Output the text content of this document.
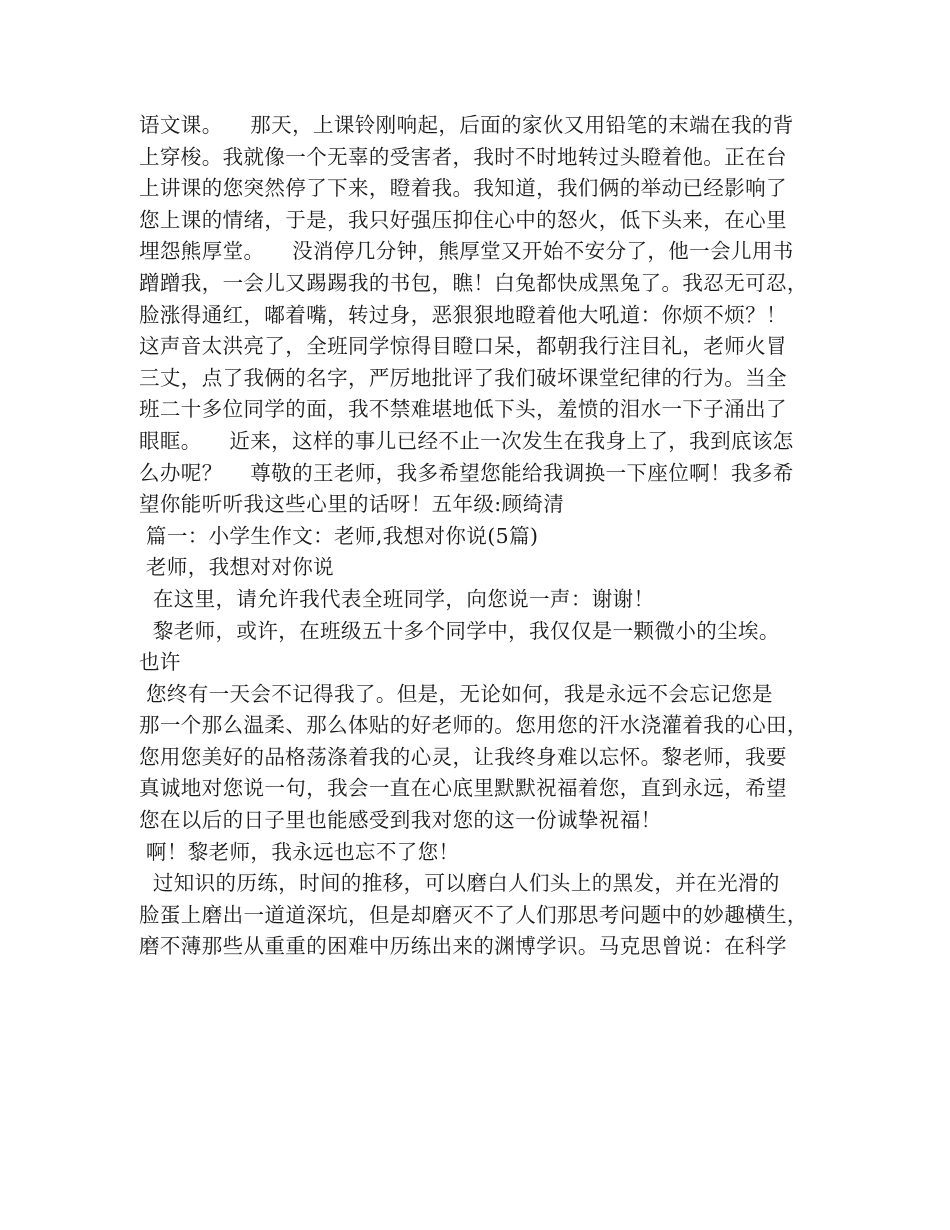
语文课。    那天，上课铃刚响起，后面的家伙又用铅笔的末端在我的背
上穿梭。我就像一个无辜的受害者，我时不时地转过头瞪着他。正在台
上讲课的您突然停了下来，瞪着我。我知道，我们俩的举动已经影响了
您上课的情绪，于是，我只好强压抑住心中的怒火，低下头来，在心里
埋怨熊厚堂。    没消停几分钟，熊厚堂又开始不安分了，他一会儿用书
蹭蹭我，一会儿又踢踢我的书包，瞧！白兔都快成黑兔了。我忍无可忍，
脸涨得通红，嘟着嘴，转过身，恶狠狠地瞪着他大吼道：你烦不烦？！
这声音太洪亮了，全班同学惊得目瞪口呆，都朝我行注目礼，老师火冒
三丈，点了我俩的名字，严厉地批评了我们破坏课堂纪律的行为。当全
班二十多位同学的面，我不禁难堪地低下头，羞愤的泪水一下子涌出了
眼眶。    近来，这样的事儿已经不止一次发生在我身上了，我到底该怎
么办呢？    尊敬的王老师，我多希望您能给我调换一下座位啊！我多希
望你能听听我这些心里的话呀！五年级:顾绮清
篇一：小学生作文：老师,我想对你说(5篇)
老师，我想对对你说
在这里，请允许我代表全班同学，向您说一声：谢谢！
黎老师，或许，在班级五十多个同学中，我仅仅是一颗微小的尘埃。
也许
您终有一天会不记得我了。但是，无论如何，我是永远不会忘记您是
那一个那么温柔、那么体贴的好老师的。您用您的汗水浇灌着我的心田，
您用您美好的品格荡涤着我的心灵，让我终身难以忘怀。黎老师，我要
真诚地对您说一句，我会一直在心底里默默祝福着您，直到永远，希望
您在以后的日子里也能感受到我对您的这一份诚挚祝福！
啊！黎老师，我永远也忘不了您！
过知识的历练，时间的推移，可以磨白人们头上的黑发，并在光滑的
脸蛋上磨出一道道深坑，但是却磨灭不了人们那思考问题中的妙趣横生，
磨不薄那些从重重的困难中历练出来的渊博学识。马克思曾说：在科学
